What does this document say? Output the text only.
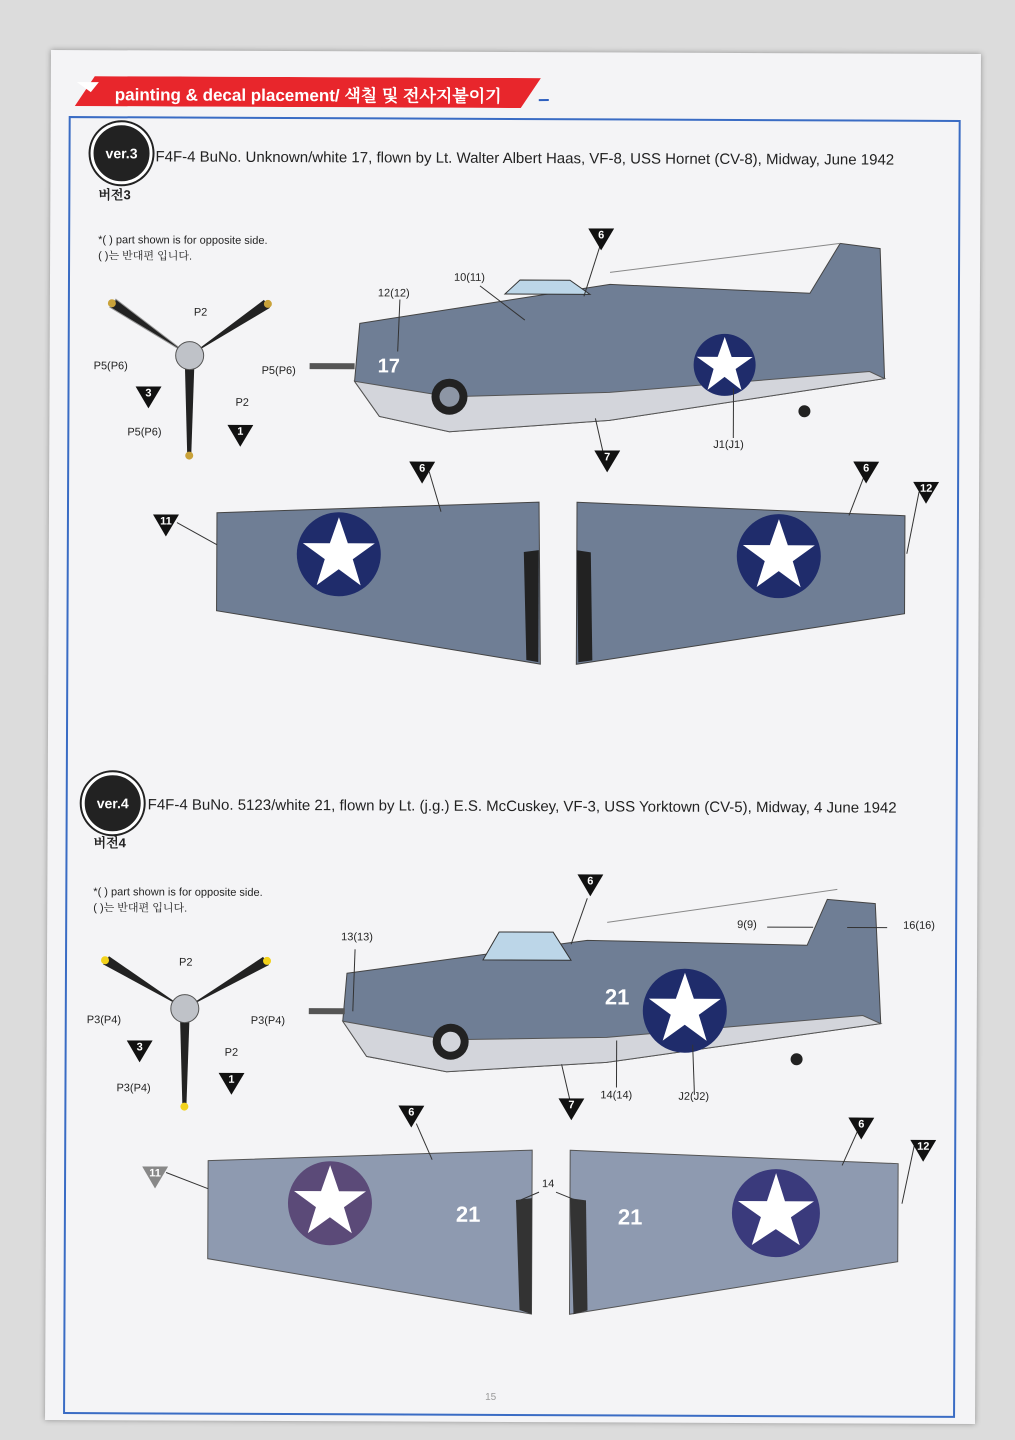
painting & decal placement/ 색칠 및 전사지붙이기
ver.3
버전3
F4F-4 BuNo. Unknown/white 17, flown by Lt. Walter Albert Haas, VF-8, USS Hornet (CV-8), Midway, June 1942
*( ) part shown is for opposite side.
( )는 반대편 입니다.
P2
P5(P6)	P5(P6)
P2
P5(P6)
12(12)
10(11)
J1(J1)
17
6
3
1
7
6
11
6
12
ver.4
버전4
F4F-4 BuNo. 5123/white 21, flown by Lt. (j.g.) E.S. McCuskey, VF-3, USS Yorktown (CV-5), Midway, 4 June 1942
*( ) part shown is for opposite side.
( )는 반대편 입니다.
P2
P3(P4)	P3(P4)
P2
P3(P4)
13(13)
9(9)	16(16)
14(14)	J2(J2)
14
21
21	21
6
3
1
7
6
11
6
12
15
